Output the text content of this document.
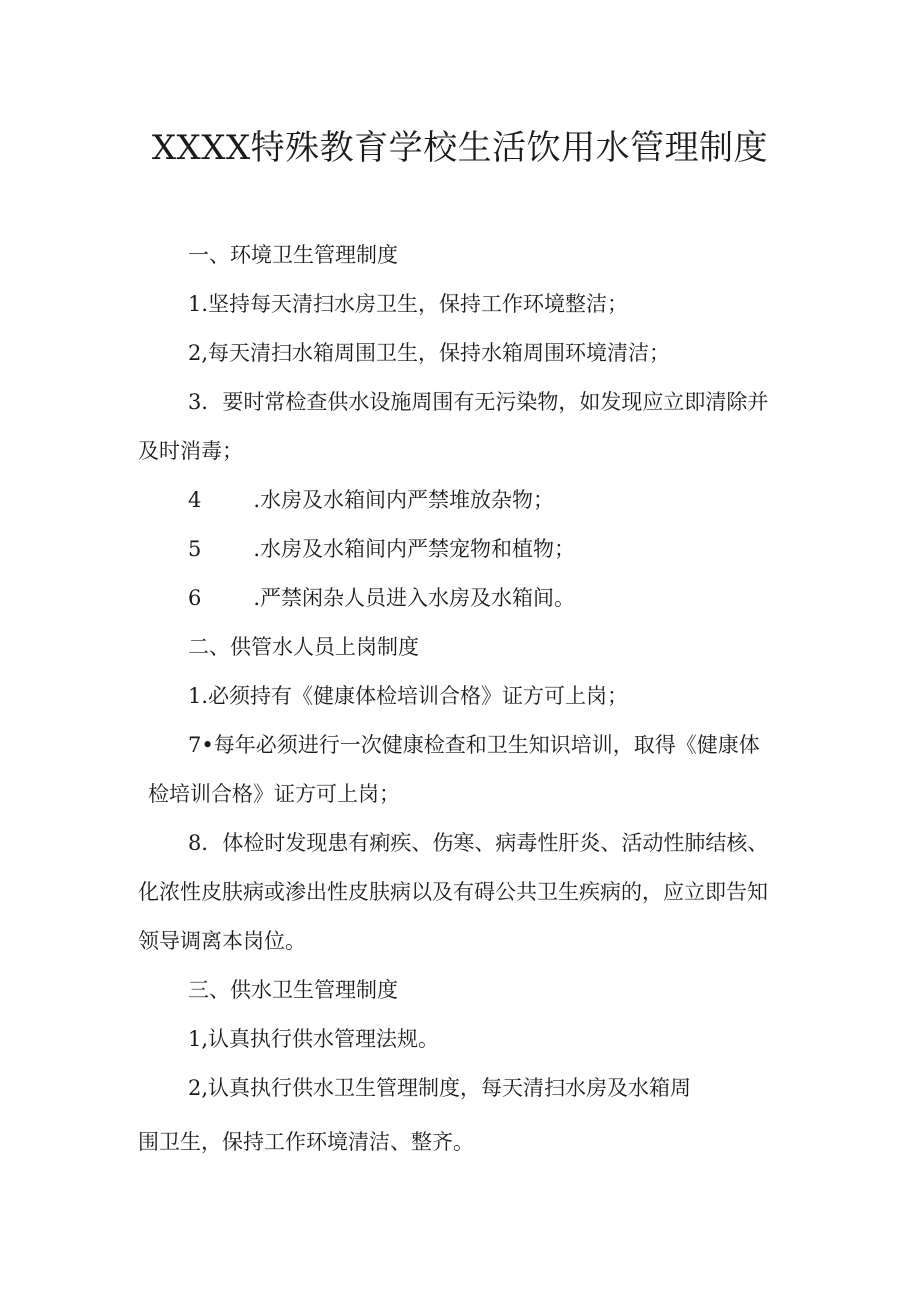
XXXX特殊教育学校生活饮用水管理制度
一、环境卫生管理制度
1.坚持每天清扫水房卫生，保持工作环境整洁；
2,每天清扫水箱周围卫生，保持水箱周围环境清洁；
3．要时常检查供水设施周围有无污染物，如发现应立即清除并
及时消毒；
4 .水房及水箱间内严禁堆放杂物；
5 .水房及水箱间内严禁宠物和植物；
6 .严禁闲杂人员进入水房及水箱间。
二、供管水人员上岗制度
1.必须持有《健康体检培训合格》证方可上岗；
7•每年必须进行一次健康检查和卫生知识培训，取得《健康体
检培训合格》证方可上岗；
8．体检时发现患有痢疾、伤寒、病毒性肝炎、活动性肺结核、
化浓性皮肤病或渗出性皮肤病以及有碍公共卫生疾病的，应立即告知
领导调离本岗位。
三、供水卫生管理制度
1,认真执行供水管理法规。
2,认真执行供水卫生管理制度，每天清扫水房及水箱周
围卫生，保持工作环境清洁、整齐。
